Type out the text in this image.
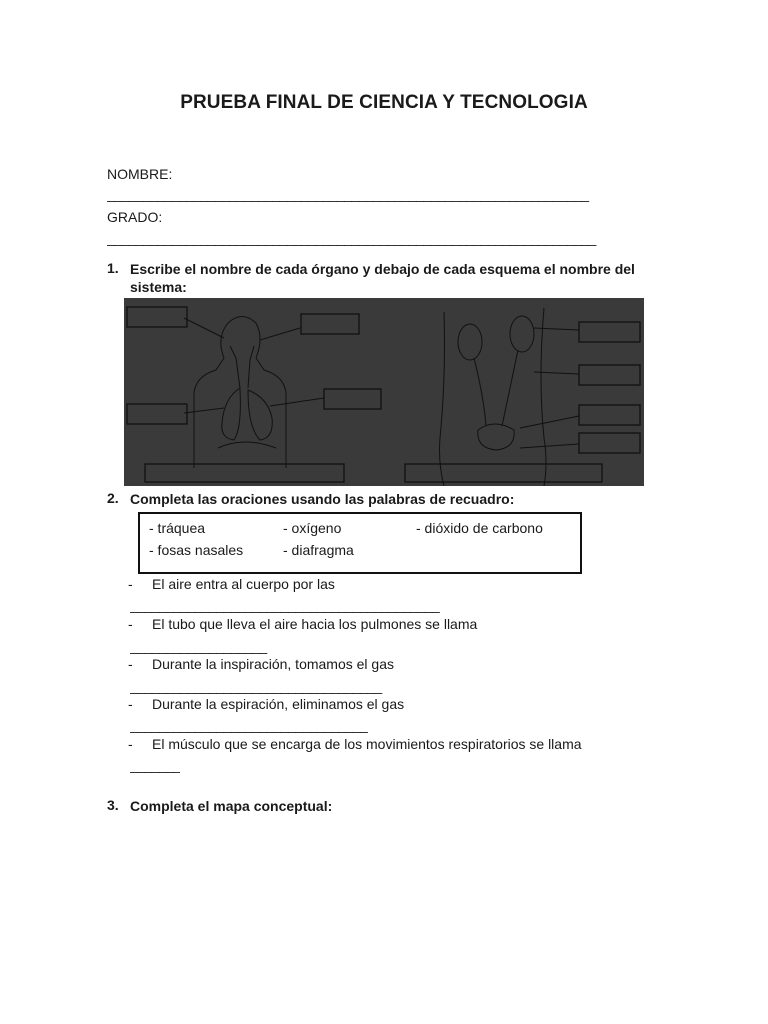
PRUEBA FINAL DE CIENCIA Y TECNOLOGIA
NOMBRE:
___________________________________________________________________
GRADO:
____________________________________________________________________
1. Escribe el nombre de cada órgano y debajo de cada esquema el nombre del sistema:
2. Completa las oraciones usando las palabras de recuadro:
- tráquea	- oxígeno	- dióxido de carbono
- fosas nasales	- diafragma
- El aire entra al cuerpo por las
___________________________________________
- El tubo que lleva el aire hacia los pulmones se llama
___________________
- Durante la inspiración, tomamos el gas
___________________________________
- Durante la espiración, eliminamos el gas
_________________________________
- El músculo que se encarga de los movimientos respiratorios se llama
_______
3. Completa el mapa conceptual:
